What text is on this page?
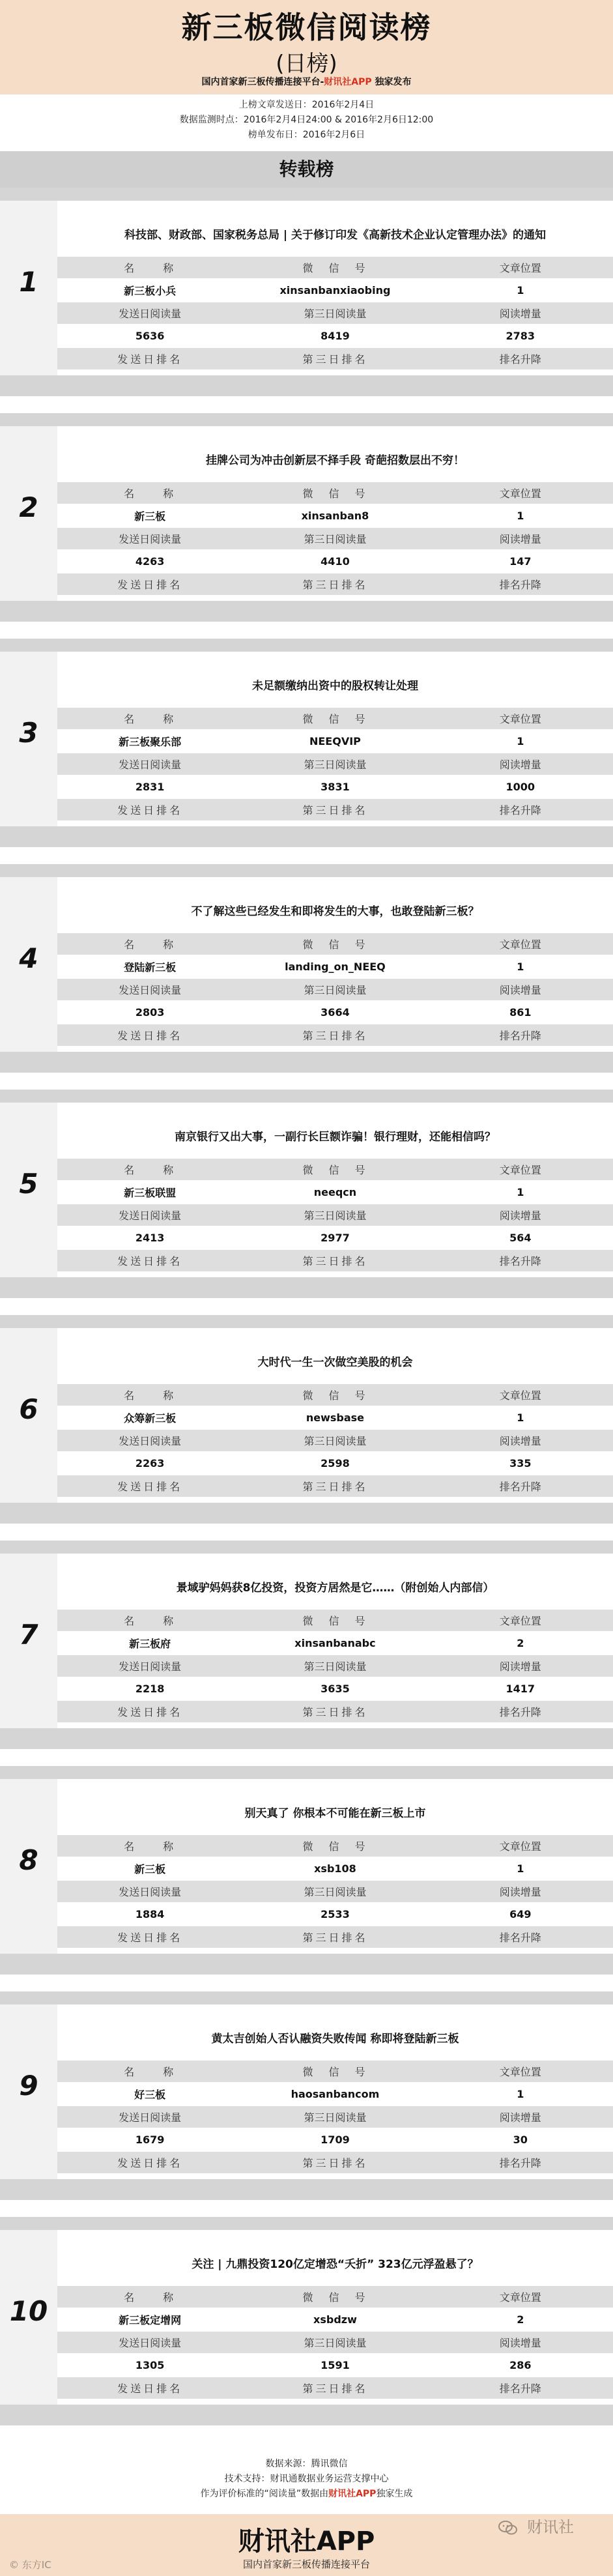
新三板微信阅读榜
(日榜)
国内首家新三板传播连接平台-财讯社APP 独家发布
上榜文章发送日：2016年2月4日
数据监测时点：2016年2月4日24:00 & 2016年2月6日12:00
榜单发布日：2016年2月6日
转载榜
1
科技部、财政部、国家税务总局 | 关于修订印发《高新技术企业认定管理办法》的通知
名　　称	微　信　号	文章位置
新三板小兵	xinsanbanxiaobing	1
发送日阅读量	第三日阅读量	阅读增量
5636	8419	2783
发送日排名	第三日排名	排名升降

2
挂牌公司为冲击创新层不择手段 奇葩招数层出不穷！
名　　称	微　信　号	文章位置
新三板	xinsanban8	1
发送日阅读量	第三日阅读量	阅读增量
4263	4410	147
发送日排名	第三日排名	排名升降

3
未足额缴纳出资中的股权转让处理
名　　称	微　信　号	文章位置
新三板聚乐部	NEEQVIP	1
发送日阅读量	第三日阅读量	阅读增量
2831	3831	1000
发送日排名	第三日排名	排名升降

4
不了解这些已经发生和即将发生的大事，也敢登陆新三板？
名　　称	微　信　号	文章位置
登陆新三板	landing_on_NEEQ	1
发送日阅读量	第三日阅读量	阅读增量
2803	3664	861
发送日排名	第三日排名	排名升降

5
南京银行又出大事，一副行长巨额诈骗！银行理财，还能相信吗？
名　　称	微　信　号	文章位置
新三板联盟	neeqcn	1
发送日阅读量	第三日阅读量	阅读增量
2413	2977	564
发送日排名	第三日排名	排名升降

6
大时代一生一次做空美股的机会
名　　称	微　信　号	文章位置
众筹新三板	newsbase	1
发送日阅读量	第三日阅读量	阅读增量
2263	2598	335
发送日排名	第三日排名	排名升降

7
景域驴妈妈获8亿投资，投资方居然是它……（附创始人内部信）
名　　称	微　信　号	文章位置
新三板府	xinsanbanabc	2
发送日阅读量	第三日阅读量	阅读增量
2218	3635	1417
发送日排名	第三日排名	排名升降

8
别天真了 你根本不可能在新三板上市
名　　称	微　信　号	文章位置
新三板	xsb108	1
发送日阅读量	第三日阅读量	阅读增量
1884	2533	649
发送日排名	第三日排名	排名升降

9
黄太吉创始人否认融资失败传闻 称即将登陆新三板
名　　称	微　信　号	文章位置
好三板	haosanbancom	1
发送日阅读量	第三日阅读量	阅读增量
1679	1709	30
发送日排名	第三日排名	排名升降

10
关注 | 九鼎投资120亿定增恐“夭折” 323亿元浮盈悬了？
名　　称	微　信　号	文章位置
新三板定增网	xsbdzw	2
发送日阅读量	第三日阅读量	阅读增量
1305	1591	286
发送日排名	第三日排名	排名升降

数据来源：腾讯微信
技术支持：财讯通数据业务运营支撑中心
作为评价标准的“阅读量”数据由财讯社APP独家生成
财讯社APP
国内首家新三板传播连接平台
© 东方IC
财讯社
